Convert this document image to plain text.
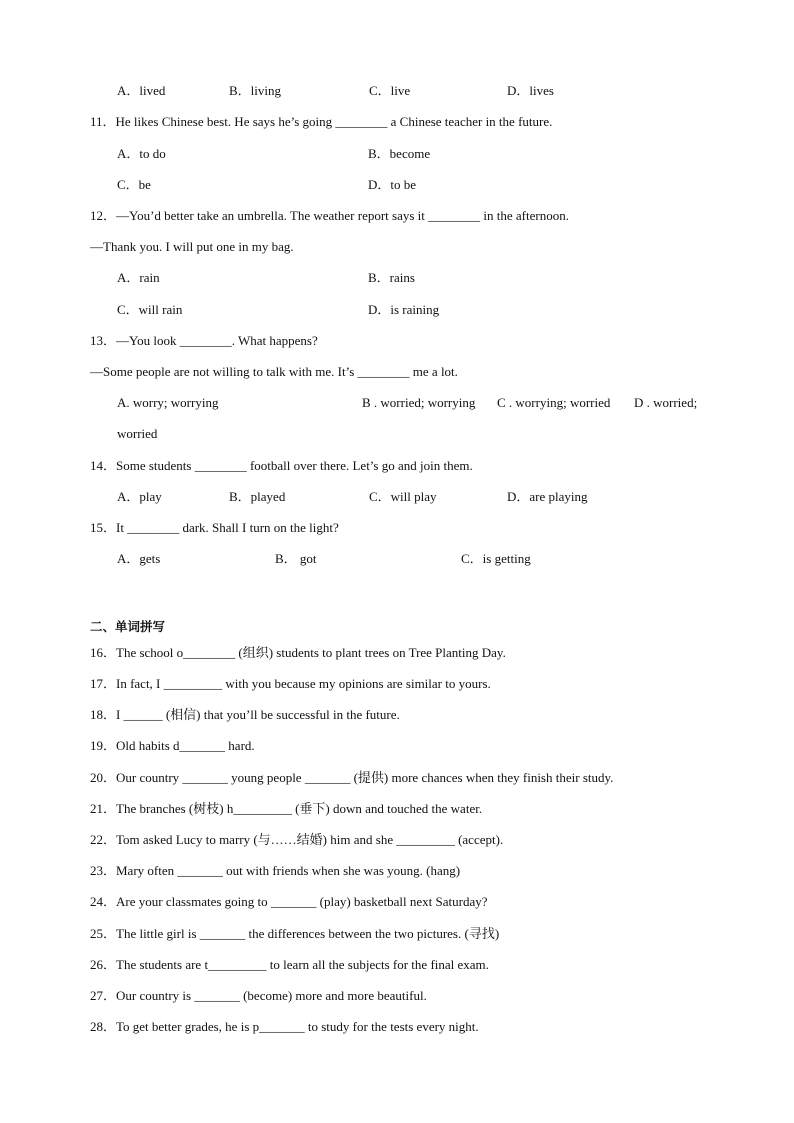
A．lived	B．living	C．live	D．lives
11．He likes Chinese best. He says he’s going ________ a Chinese teacher in the future.
A．to do	B．become
C．be	D．to be
12．—You’d better take an umbrella. The weather report says it ________ in the afternoon.
—Thank you. I will put one in my bag.
A．rain	B．rains
C．will rain	D．is raining
13．—You look ________. What happens?
—Some people are not willing to talk with me. It’s ________ me a lot.
A. worry; worrying	B . worried; worrying C . worrying; worried D . worried;
worried
14．Some students ________ football over there. Let’s go and join them.
A．play	B．played	C．will play	D．are playing
15．It ________ dark. Shall I turn on the light?
A．gets	B． got	C．is getting
二、单词拼写
16．The school o________ (组织) students to plant trees on Tree Planting Day.
17．In fact, I _________ with you because my opinions are similar to yours.
18．I ______ (相信) that you’ll be successful in the future.
19．Old habits d_______ hard.
20．Our country _______ young people _______ (提供) more chances when they finish their study.
21．The branches (树枝) h_________ (垂下) down and touched the water.
22．Tom asked Lucy to marry (与……结婚) him and she _________ (accept).
23．Mary often _______ out with friends when she was young. (hang)
24．Are your classmates going to _______ (play) basketball next Saturday?
25．The little girl is _______ the differences between the two pictures. (寻找)
26．The students are t_________ to learn all the subjects for the final exam.
27．Our country is _______ (become) more and more beautiful.
28．To get better grades, he is p_______ to study for the tests every night.
